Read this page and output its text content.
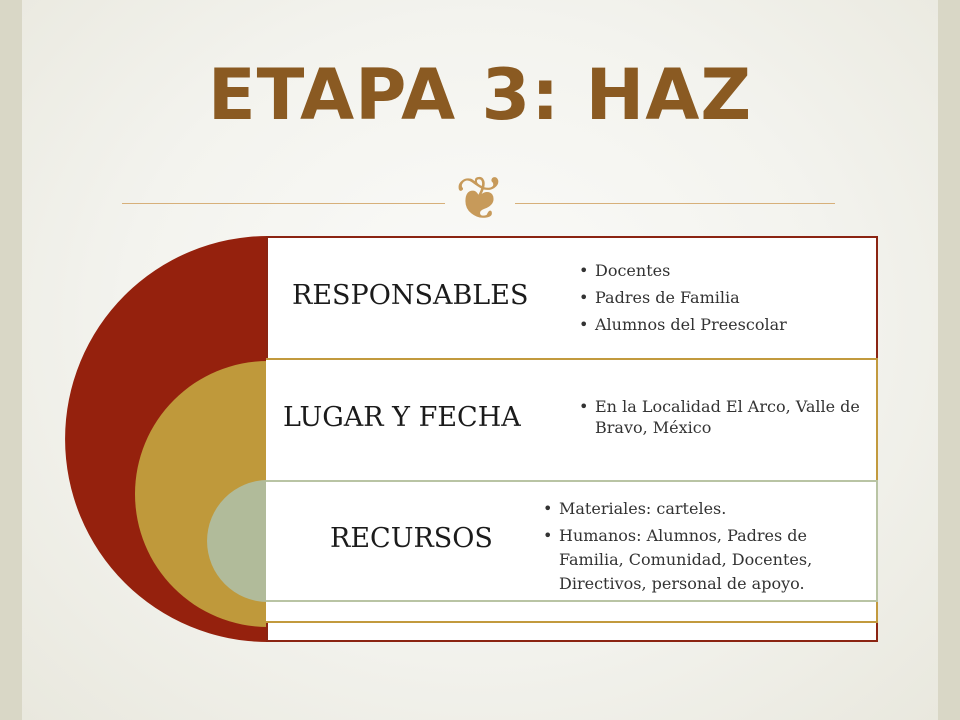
ETAPA 3: HAZ
❦
RESPONSABLES
• Docentes
• Padres de Familia
• Alumnos del Preescolar
LUGAR Y FECHA
•	En la Localidad El Arco, Valle de Bravo, México
RECURSOS
• Materiales: carteles.
• Humanos: Alumnos, Padres de Familia, Comunidad, Docentes, Directivos, personal de apoyo.
